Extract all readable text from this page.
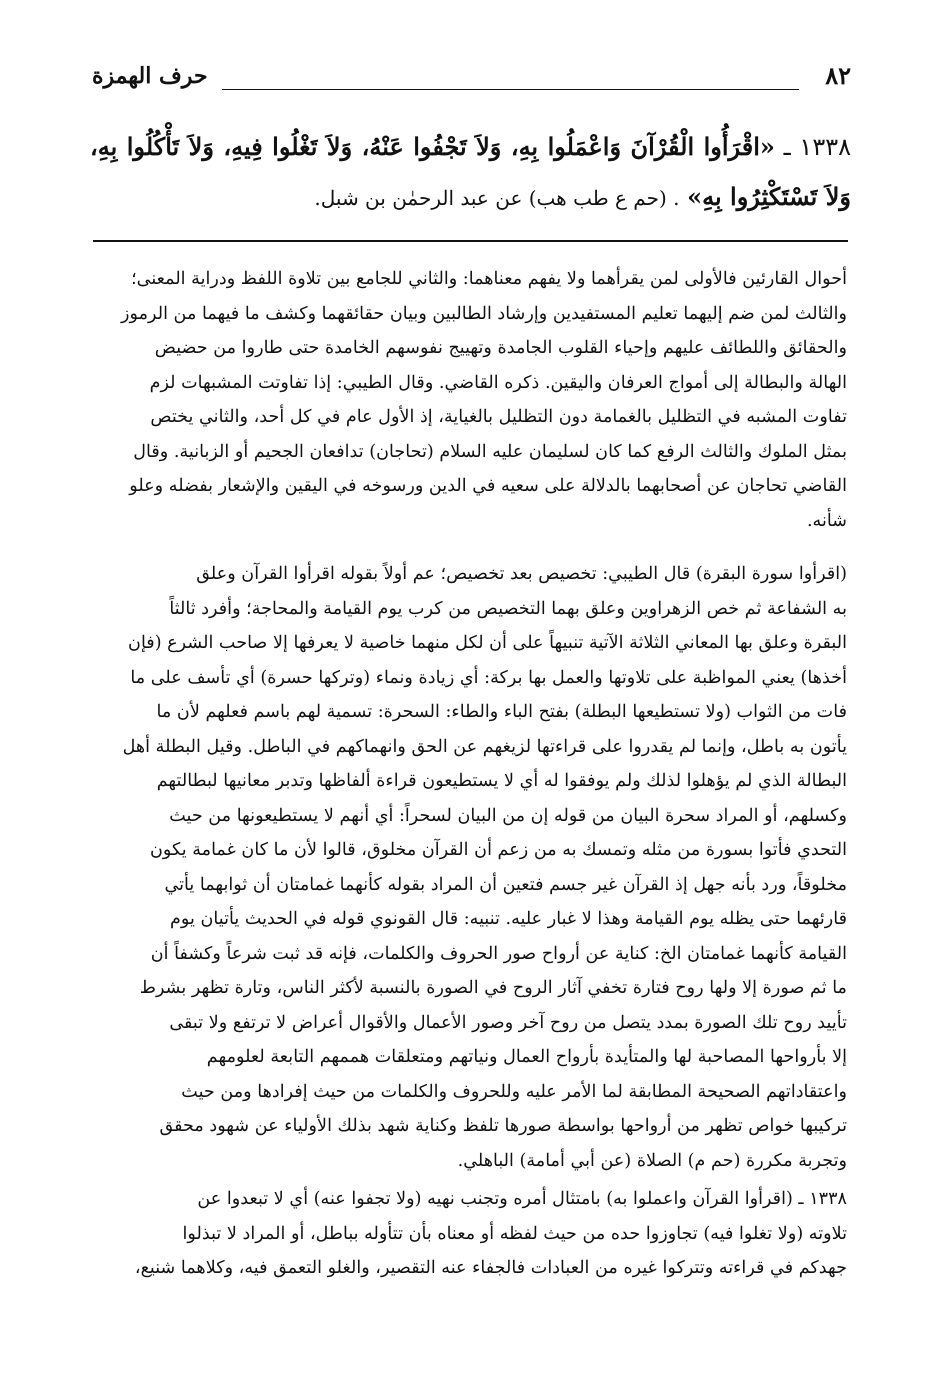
٨٢
حرف الهمزة
١٣٣٨ ـ «اقْرَأُوا الْقُرْآنَ وَاعْمَلُوا بِهِ، وَلاَ تَجْفُوا عَنْهُ، وَلاَ تَغْلُوا فِيهِ، وَلاَ تَأْكُلُوا بِهِ، وَلاَ تَسْتَكْثِرُوا بِهِ» . (حم ع طب هب) عن عبد الرحمٰن بن شبل.

أحوال القارئين فالأولى لمن يقرأهما ولا يفهم معناهما: والثاني للجامع بين تلاوة اللفظ ودراية المعنى؛
والثالث لمن ضم إليهما تعليم المستفيدين وإرشاد الطالبين وبيان حقائقهما وكشف ما فيهما من الرموز
والحقائق واللطائف عليهم وإحياء القلوب الجامدة وتهييج نفوسهم الخامدة حتى طاروا من حضيض
الهالة والبطالة إلى أمواج العرفان واليقين. ذكره القاضي. وقال الطيبي: إذا تفاوتت المشبهات لزم
تفاوت المشبه في التظليل بالغمامة دون التظليل بالغياية، إذ الأول عام في كل أحد، والثاني يختص
بمثل الملوك والثالث الرفع كما كان لسليمان عليه السلام (تحاجان) تدافعان الجحيم أو الزبانية. وقال
القاضي تحاجان عن أصحابهما بالدلالة على سعيه في الدين ورسوخه في اليقين والإشعار بفضله وعلو
شأنه.

(اقرأوا سورة البقرة) قال الطيبي: تخصيص بعد تخصيص؛ عم أولاً بقوله اقرأوا القرآن وعلق
به الشفاعة ثم خص الزهراوين وعلق بهما التخصيص من كرب يوم القيامة والمحاجة؛ وأفرد ثالثاً
البقرة وعلق بها المعاني الثلاثة الآتية تنبيهاً على أن لكل منهما خاصية لا يعرفها إلا صاحب الشرع (فإن
أخذها) يعني المواظبة على تلاوتها والعمل بها بركة: أي زيادة ونماء (وتركها حسرة) أي تأسف على ما
فات من الثواب (ولا تستطيعها البطلة) بفتح الباء والطاء: السحرة: تسمية لهم باسم فعلهم لأن ما
يأتون به باطل، وإنما لم يقدروا على قراءتها لزيغهم عن الحق وانهماكهم في الباطل. وقيل البطلة أهل
البطالة الذي لم يؤهلوا لذلك ولم يوفقوا له أي لا يستطيعون قراءة ألفاظها وتدبر معانيها لبطالتهم
وكسلهم، أو المراد سحرة البيان من قوله إن من البيان لسحراً: أي أنهم لا يستطيعونها من حيث
التحدي فأتوا بسورة من مثله وتمسك به من زعم أن القرآن مخلوق، قالوا لأن ما كان غمامة يكون
مخلوقاً، ورد بأنه جهل إذ القرآن غير جسم فتعين أن المراد بقوله كأنهما غمامتان أن ثوابهما يأتي
قارئهما حتى يظله يوم القيامة وهذا لا غبار عليه. تنبيه: قال القونوي قوله في الحديث يأتيان يوم
القيامة كأنهما غمامتان الخ: كناية عن أرواح صور الحروف والكلمات، فإنه قد ثبت شرعاً وكشفاً أن
ما ثم صورة إلا ولها روح فتارة تخفي آثار الروح في الصورة بالنسبة لأكثر الناس، وتارة تظهر بشرط
تأييد روح تلك الصورة بمدد يتصل من روح آخر وصور الأعمال والأقوال أعراض لا ترتفع ولا تبقى
إلا بأرواحها المصاحبة لها والمتأيدة بأرواح العمال ونياتهم ومتعلقات هممهم التابعة لعلومهم
واعتقاداتهم الصحيحة المطابقة لما الأمر عليه وللحروف والكلمات من حيث إفرادها ومن حيث
تركيبها خواص تظهر من أرواحها بواسطة صورها تلفظ وكناية شهد بذلك الأولياء عن شهود محقق
وتجربة مكررة (حم م) الصلاة (عن أبي أمامة) الباهلي.

١٣٣٨ ـ (اقرأوا القرآن واعملوا به) بامتثال أمره وتجنب نهيه (ولا تجفوا عنه) أي لا تبعدوا عن
تلاوته (ولا تغلوا فيه) تجاوزوا حده من حيث لفظه أو معناه بأن تتأوله بباطل، أو المراد لا تبذلوا
جهدكم في قراءته وتتركوا غيره من العبادات فالجفاء عنه التقصير، والغلو التعمق فيه، وكلاهما شنيع،
